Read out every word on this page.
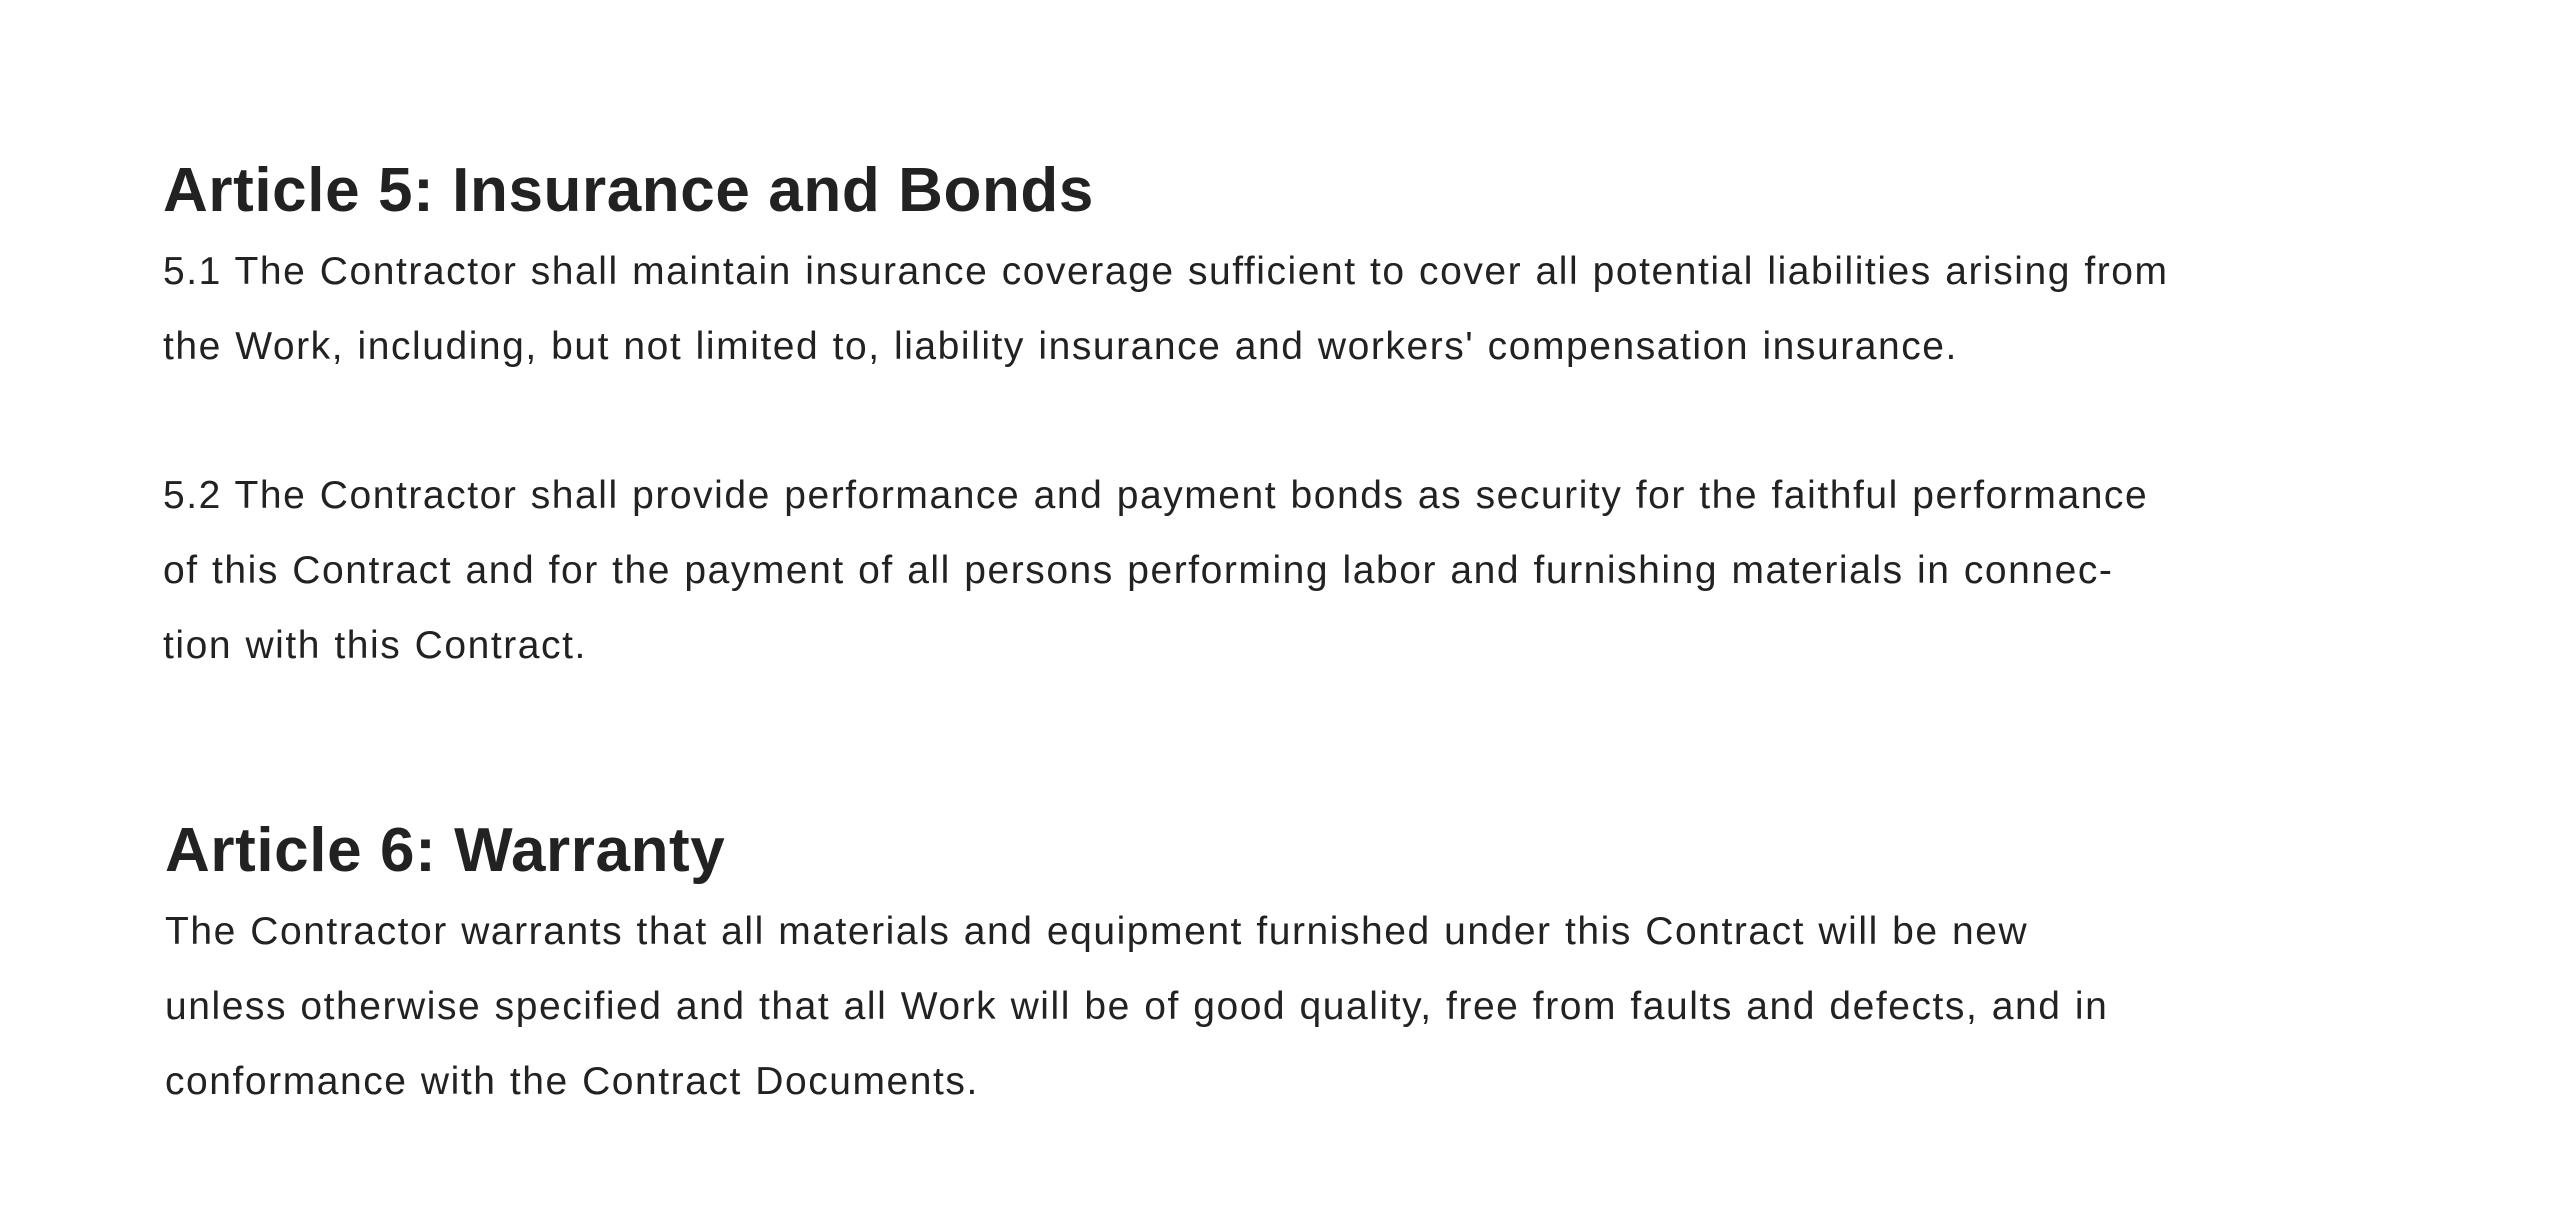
Article 5: Insurance and Bonds

5.1 The Contractor shall maintain insurance coverage sufficient to cover all potential liabilities arising from
the Work, including, but not limited to, liability insurance and workers' compensation insurance.

5.2 The Contractor shall provide performance and payment bonds as security for the faithful performance
of this Contract and for the payment of all persons performing labor and furnishing materials in connec-
tion with this Contract.

Article 6: Warranty

The Contractor warrants that all materials and equipment furnished under this Contract will be new
unless otherwise specified and that all Work will be of good quality, free from faults and defects, and in
conformance with the Contract Documents.
